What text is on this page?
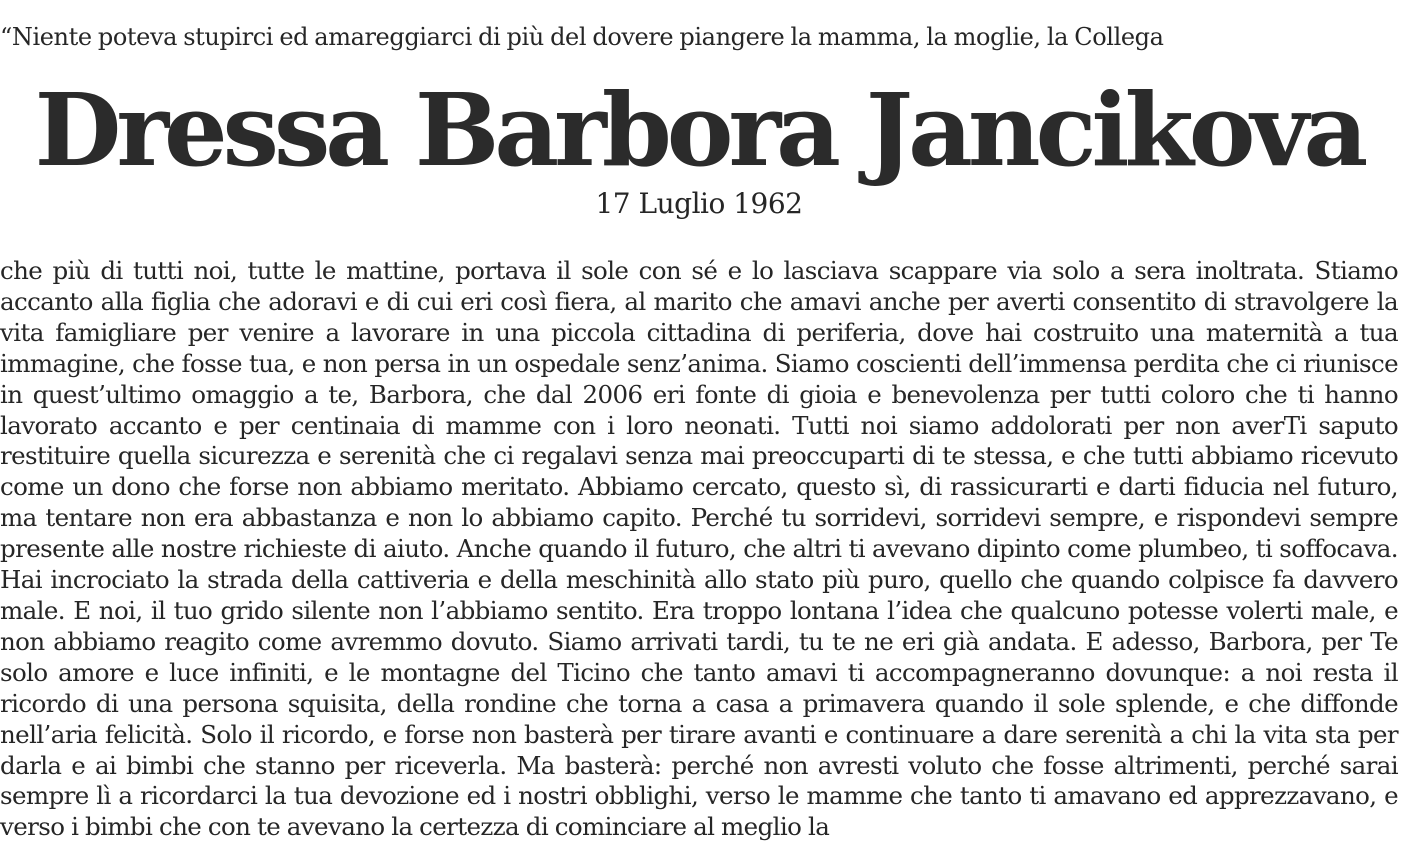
“Niente poteva stupirci ed amareggiarci di più del dovere piangere la mamma, la moglie, la Collega
Dressa Barbora Jancikova
17 Luglio 1962
che più di tutti noi, tutte le mattine, portava il sole con sé e lo lasciava scappare via solo a sera inoltrata. Stiamo accanto alla figlia che adoravi e di cui eri così fiera, al marito che amavi anche per averti consentito di stravolgere la vita famigliare per venire a lavorare in una piccola cittadina di periferia, dove hai costruito una maternità a tua immagine, che fosse tua, e non persa in un ospedale senz’anima. Siamo coscienti dell’immensa perdita che ci riunisce in quest’ultimo omaggio a te, Barbora, che dal 2006 eri fonte di gioia e benevolenza per tutti coloro che ti hanno lavorato accanto e per centinaia di mamme con i loro neonati. Tutti noi siamo addolorati per non averTi saputo restituire quella sicurezza e serenità che ci regalavi senza mai preoccuparti di te stessa, e che tutti abbiamo ricevuto come un dono che forse non abbiamo meritato. Abbiamo cercato, questo sì, di rassicurarti e darti fiducia nel futuro, ma tentare non era abbastanza e non lo abbiamo capito. Perché tu sorridevi, sorridevi sempre, e rispondevi sempre presente alle nostre richieste di aiuto. Anche quando il futuro, che altri ti avevano dipinto come plumbeo, ti soffocava. Hai incrociato la strada della cattiveria e della meschinità allo stato più puro, quello che quando colpisce fa davvero male. E noi, il tuo grido silente non l’abbiamo sentito. Era troppo lontana l’idea che qualcuno potesse volerti male, e non abbiamo reagito come avremmo dovuto. Siamo arrivati tardi, tu te ne eri già andata. E adesso, Barbora, per Te solo amore e luce infiniti, e le montagne del Ticino che tanto amavi ti accompagneranno dovunque: a noi resta il ricordo di una persona squisita, della rondine che torna a casa a primavera quando il sole splende, e che diffonde nell’aria felicità. Solo il ricordo, e forse non basterà per tirare avanti e continuare a dare serenità a chi la vita sta per darla e ai bimbi che stanno per riceverla. Ma basterà: perché non avresti voluto che fosse altrimenti, perché sarai sempre lì a ricordarci la tua devozione ed i nostri obblighi, verso le mamme che tanto ti amavano ed apprezzavano, e verso i bimbi che con te avevano la certezza di cominciare al meglio la
